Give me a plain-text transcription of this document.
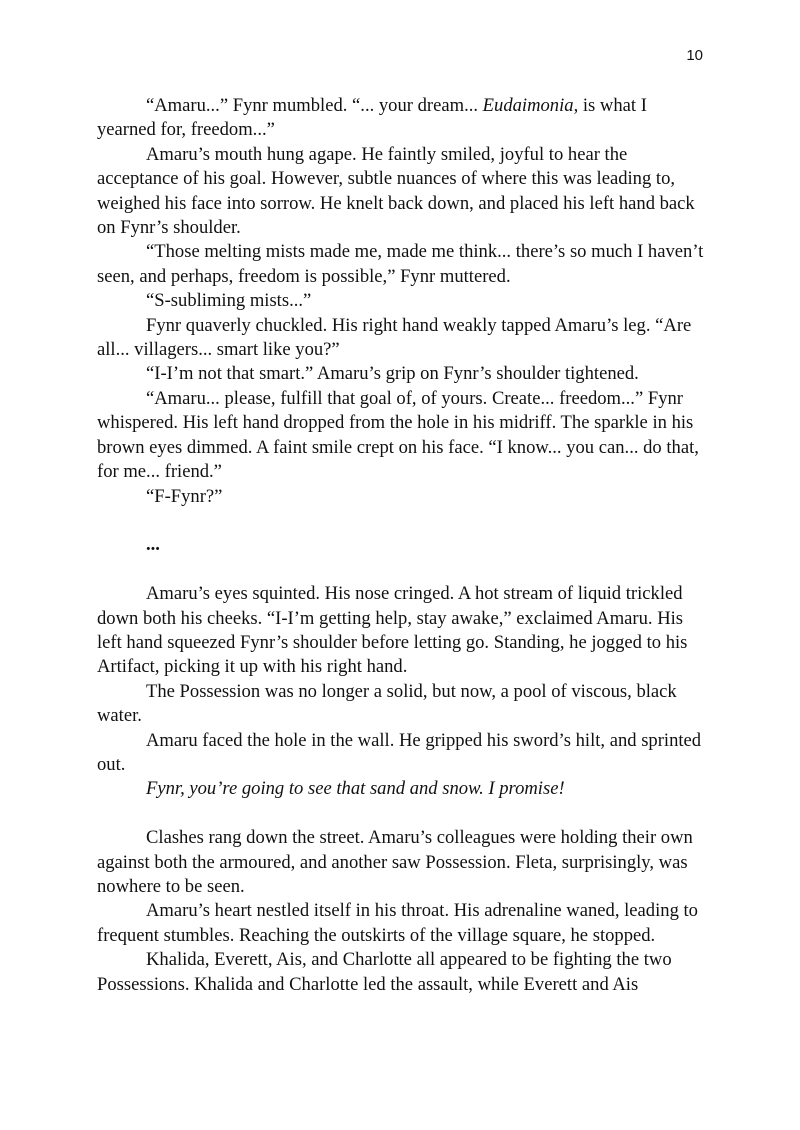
10

“Amaru...” Fynr mumbled. “... your dream... Eudaimonia, is what I yearned for, freedom...”

Amaru’s mouth hung agape. He faintly smiled, joyful to hear the acceptance of his goal. However, subtle nuances of where this was leading to, weighed his face into sorrow. He knelt back down, and placed his left hand back on Fynr’s shoulder.

“Those melting mists made me, made me think... there’s so much I haven’t seen, and perhaps, freedom is possible,” Fynr muttered.

“S-subliming mists...”

Fynr quaverly chuckled. His right hand weakly tapped Amaru’s leg. “Are all... villagers... smart like you?”

“I-I’m not that smart.” Amaru’s grip on Fynr’s shoulder tightened.

“Amaru... please, fulfill that goal of, of yours. Create... freedom...” Fynr whispered. His left hand dropped from the hole in his midriff. The sparkle in his brown eyes dimmed. A faint smile crept on his face. “I know... you can... do that, for me... friend.”

“F-Fynr?”

...

Amaru’s eyes squinted. His nose cringed. A hot stream of liquid trickled down both his cheeks. “I-I’m getting help, stay awake,” exclaimed Amaru. His left hand squeezed Fynr’s shoulder before letting go. Standing, he jogged to his Artifact, picking it up with his right hand.

The Possession was no longer a solid, but now, a pool of viscous, black water.

Amaru faced the hole in the wall. He gripped his sword’s hilt, and sprinted out.

Fynr, you’re going to see that sand and snow. I promise!

Clashes rang down the street. Amaru’s colleagues were holding their own against both the armoured, and another saw Possession. Fleta, surprisingly, was nowhere to be seen.

Amaru’s heart nestled itself in his throat. His adrenaline waned, leading to frequent stumbles. Reaching the outskirts of the village square, he stopped.

Khalida, Everett, Ais, and Charlotte all appeared to be fighting the two Possessions. Khalida and Charlotte led the assault, while Everett and Ais
